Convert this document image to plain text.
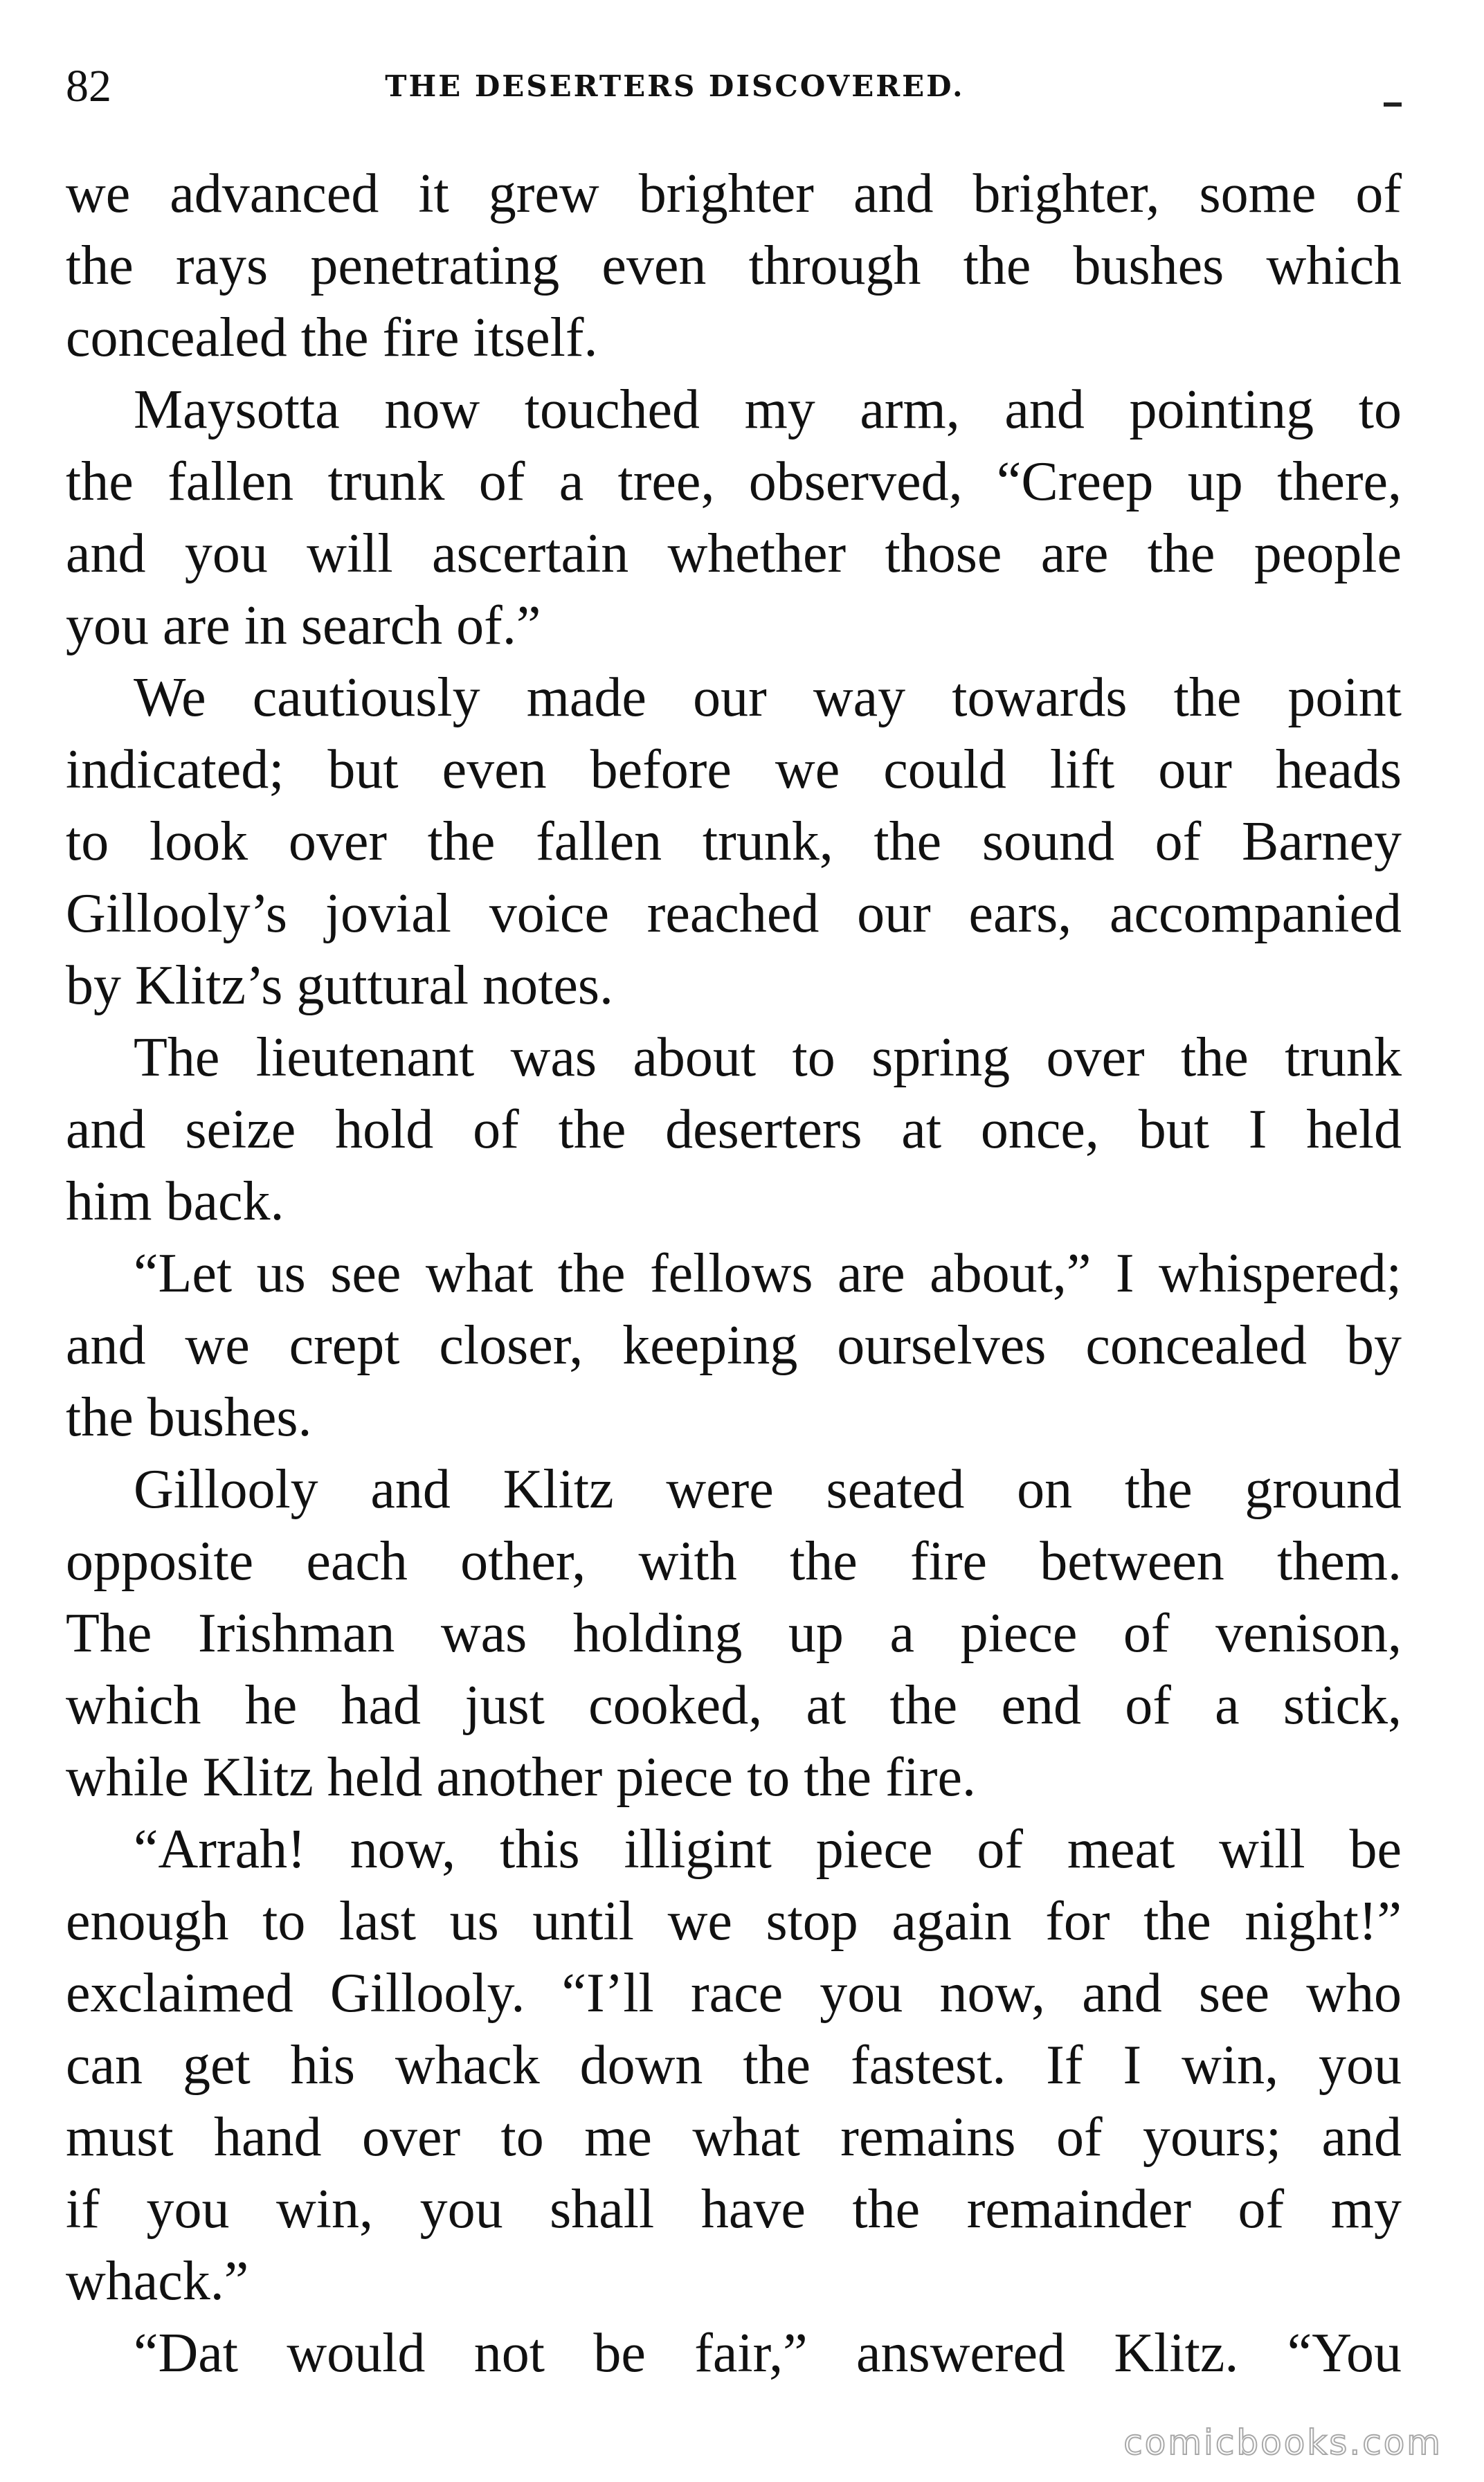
82	THE DESERTERS DISCOVERED.
we advanced it grew brighter and brighter, some of
the rays penetrating even through the bushes which
concealed the fire itself.
Maysotta now touched my arm, and pointing to
the fallen trunk of a tree, observed, “Creep up there,
and you will ascertain whether those are the people
you are in search of.”
We cautiously made our way towards the point
indicated; but even before we could lift our heads
to look over the fallen trunk, the sound of Barney
Gillooly’s jovial voice reached our ears, accompanied
by Klitz’s guttural notes.
The lieutenant was about to spring over the trunk
and seize hold of the deserters at once, but I held
him back.
“Let us see what the fellows are about,” I whispered;
and we crept closer, keeping ourselves concealed by
the bushes.
Gillooly and Klitz were seated on the ground
opposite each other, with the fire between them.
The Irishman was holding up a piece of venison,
which he had just cooked, at the end of a stick,
while Klitz held another piece to the fire.
“Arrah! now, this illigint piece of meat will be
enough to last us until we stop again for the night!”
exclaimed Gillooly. “I’ll race you now, and see who
can get his whack down the fastest. If I win, you
must hand over to me what remains of yours; and
if you win, you shall have the remainder of my
whack.”
“Dat would not be fair,” answered Klitz. “You
comicbooks.com
